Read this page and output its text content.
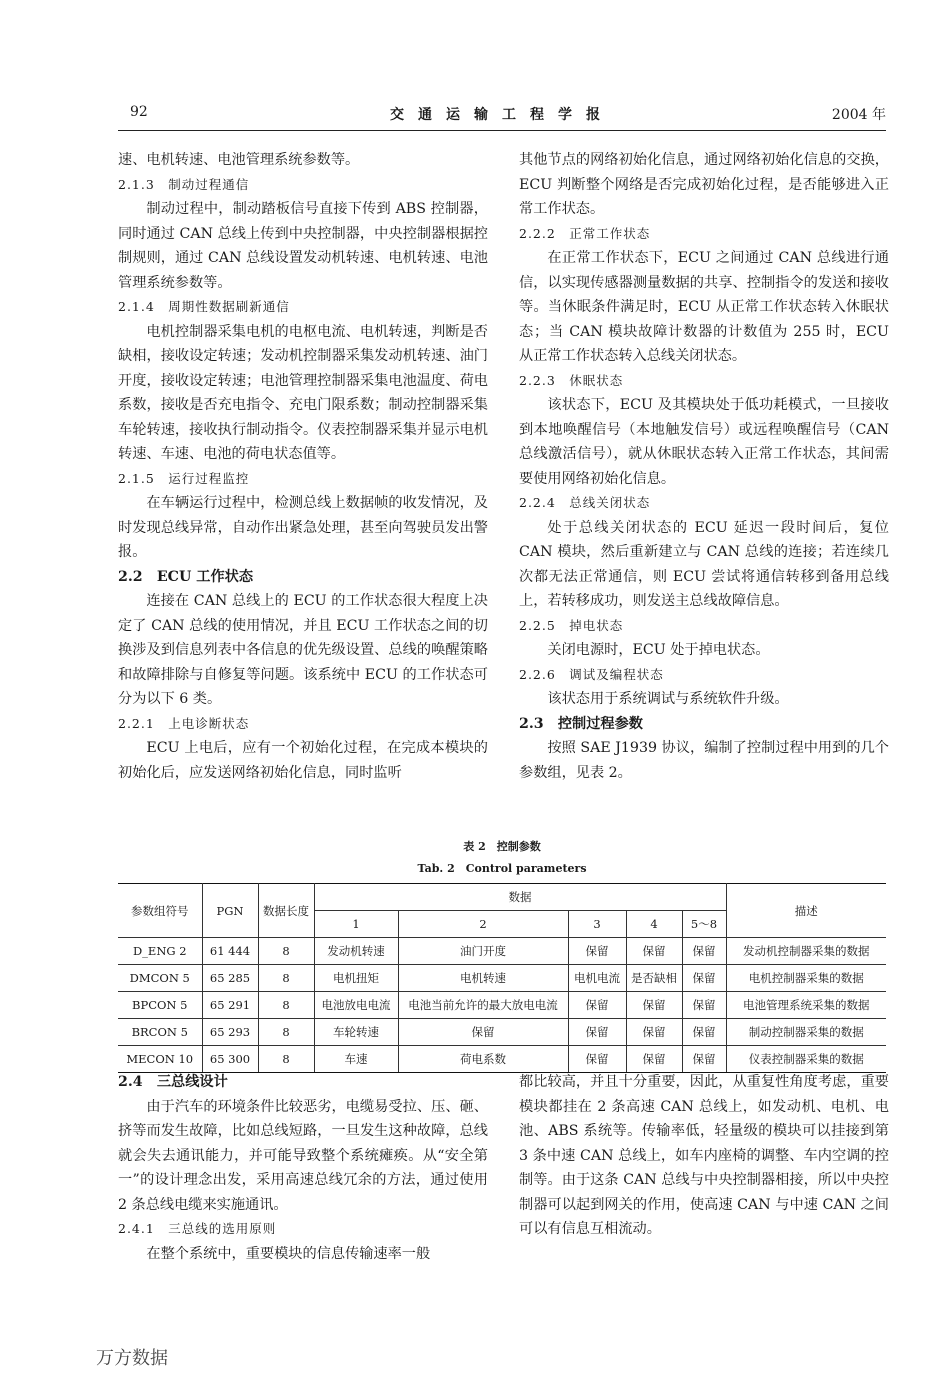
92	交通运输工程学报	2004 年

速、电机转速、电池管理系统参数等。

2.1.3　制动过程通信

制动过程中，制动踏板信号直接下传到 ABS 控制器，同时通过 CAN 总线上传到中央控制器，中央控制器根据控制规则，通过 CAN 总线设置发动机转速、电机转速、电池管理系统参数等。

2.1.4　周期性数据刷新通信

电机控制器采集电机的电枢电流、电机转速，判断是否缺相，接收设定转速；发动机控制器采集发动机转速、油门开度，接收设定转速；电池管理控制器采集电池温度、荷电系数，接收是否充电指令、充电门限系数；制动控制器采集车轮转速，接收执行制动指令。仪表控制器采集并显示电机转速、车速、电池的荷电状态值等。

2.1.5　运行过程监控

在车辆运行过程中，检测总线上数据帧的收发情况，及时发现总线异常，自动作出紧急处理，甚至向驾驶员发出警报。

2.2　ECU 工作状态

连接在 CAN 总线上的 ECU 的工作状态很大程度上决定了 CAN 总线的使用情况，并且 ECU 工作状态之间的切换涉及到信息列表中各信息的优先级设置、总线的唤醒策略和故障排除与自修复等问题。该系统中 ECU 的工作状态可分为以下 6 类。

2.2.1　上电诊断状态

ECU 上电后，应有一个初始化过程，在完成本模块的初始化后，应发送网络初始化信息，同时监听

其他节点的网络初始化信息，通过网络初始化信息的交换，ECU 判断整个网络是否完成初始化过程，是否能够进入正常工作状态。

2.2.2　正常工作状态

在正常工作状态下，ECU 之间通过 CAN 总线进行通信，以实现传感器测量数据的共享、控制指令的发送和接收等。当休眠条件满足时，ECU 从正常工作状态转入休眠状态；当 CAN 模块故障计数器的计数值为 255 时，ECU 从正常工作状态转入总线关闭状态。

2.2.3　休眠状态

该状态下，ECU 及其模块处于低功耗模式，一旦接收到本地唤醒信号（本地触发信号）或远程唤醒信号（CAN 总线激活信号），就从休眠状态转入正常工作状态，其间需要使用网络初始化信息。

2.2.4　总线关闭状态

处于总线关闭状态的 ECU 延迟一段时间后，复位 CAN 模块，然后重新建立与 CAN 总线的连接；若连续几次都无法正常通信，则 ECU 尝试将通信转移到备用总线上，若转移成功，则发送主总线故障信息。

2.2.5　掉电状态

关闭电源时，ECU 处于掉电状态。

2.2.6　调试及编程状态

该状态用于系统调试与系统软件升级。

2.3　控制过程参数

按照 SAE J1939 协议，编制了控制过程中用到的几个参数组，见表 2。

表 2　控制参数
Tab. 2　Control parameters
参数组符号	PGN	数据长度	数据					描述
			1	2	3	4	5～8	
D_ENG 2	61 444	8	发动机转速	油门开度	保留	保留	保留	发动机控制器采集的数据
DMCON 5	65 285	8	电机扭矩	电机转速	电机电流	是否缺相	保留	电机控制器采集的数据
BPCON 5	65 291	8	电池放电电流	电池当前允许的最大放电电流	保留	保留	保留	电池管理系统采集的数据
BRCON 5	65 293	8	车轮转速	保留	保留	保留	保留	制动控制器采集的数据
MECON 10	65 300	8	车速	荷电系数	保留	保留	保留	仪表控制器采集的数据

2.4　三总线设计

由于汽车的环境条件比较恶劣，电缆易受拉、压、砸、挤等而发生故障，比如总线短路，一旦发生这种故障，总线就会失去通讯能力，并可能导致整个系统瘫痪。从“安全第一”的设计理念出发，采用高速总线冗余的方法，通过使用 2 条总线电缆来实施通讯。

2.4.1　三总线的选用原则

在整个系统中，重要模块的信息传输速率一般

都比较高，并且十分重要，因此，从重复性角度考虑，重要模块都挂在 2 条高速 CAN 总线上，如发动机、电机、电池、ABS 系统等。传输率低，轻量级的模块可以挂接到第 3 条中速 CAN 总线上，如车内座椅的调整、车内空调的控制等。由于这条 CAN 总线与中央控制器相接，所以中央控制器可以起到网关的作用，使高速 CAN 与中速 CAN 之间可以有信息互相流动。

万方数据
